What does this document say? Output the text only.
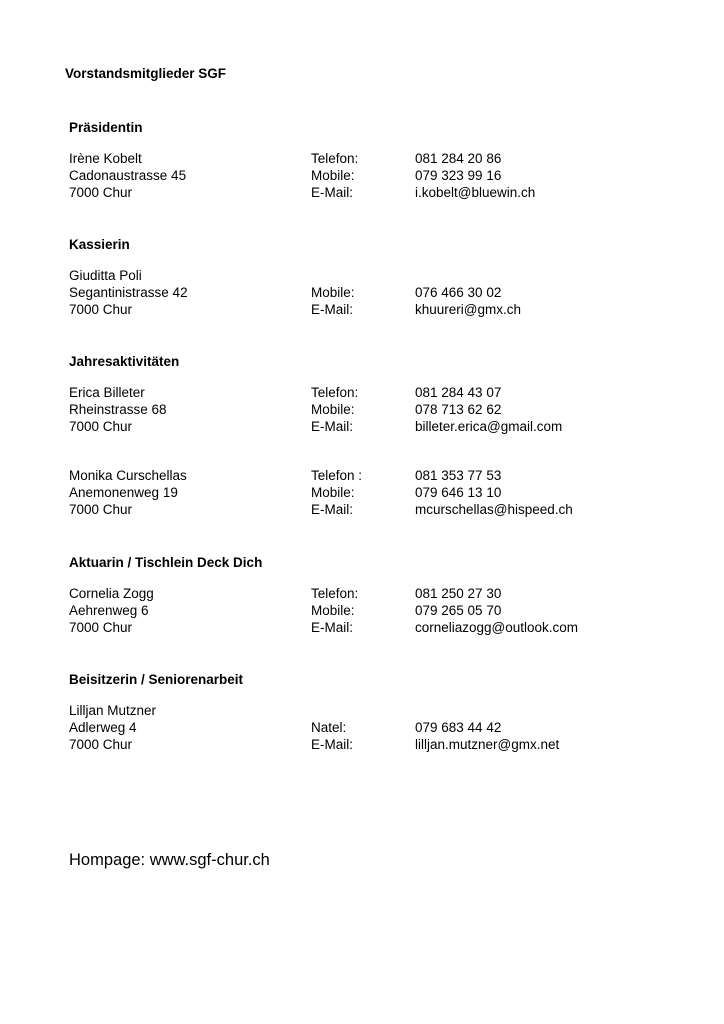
Vorstandsmitglieder SGF
Präsidentin
Irène Kobelt	Telefon:	081 284 20 86
Cadonaustrasse 45	Mobile:	079 323 99 16
7000 Chur	E-Mail:	i.kobelt@bluewin.ch
Kassierin
Giuditta Poli
Segantinistrasse 42	Mobile:	076 466 30 02
7000 Chur	E-Mail:	khuureri@gmx.ch
Jahresaktivitäten
Erica Billeter	Telefon:	081 284 43 07
Rheinstrasse 68	Mobile:	078 713 62 62
7000 Chur	E-Mail:	billeter.erica@gmail.com
Monika Curschellas	Telefon :	081 353 77 53
Anemonenweg 19	Mobile:	079 646 13 10
7000 Chur	E-Mail:	mcurschellas@hispeed.ch
Aktuarin / Tischlein Deck Dich
Cornelia Zogg	Telefon:	081 250 27 30
Aehrenweg 6	Mobile:	079 265 05 70
7000 Chur	E-Mail:	corneliazogg@outlook.com
Beisitzerin / Seniorenarbeit
Lilljan Mutzner
Adlerweg 4	Natel:	079 683 44 42
7000 Chur	E-Mail:	lilljan.mutzner@gmx.net

Hompage: www.sgf-chur.ch
